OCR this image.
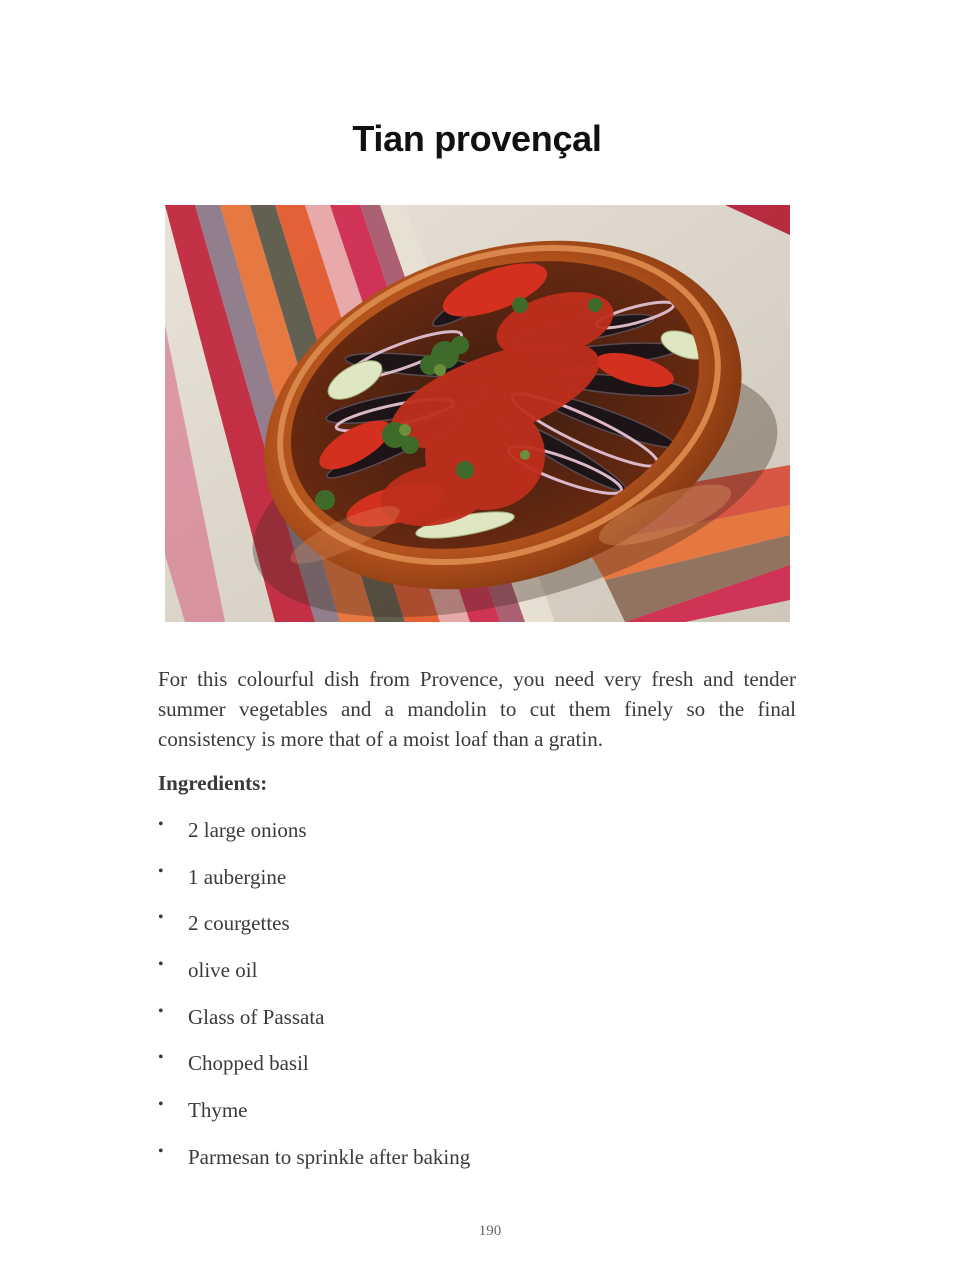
Tian provençal

For this colourful dish from Provence, you need very fresh and tender summer vegetables and a mandolin to cut them finely so the final consistency is more that of a moist loaf than a gratin.

Ingredients:
• 2 large onions
• 1 aubergine
• 2 courgettes
• olive oil
• Glass of Passata
• Chopped basil
• Thyme
• Parmesan to sprinkle after baking
190
